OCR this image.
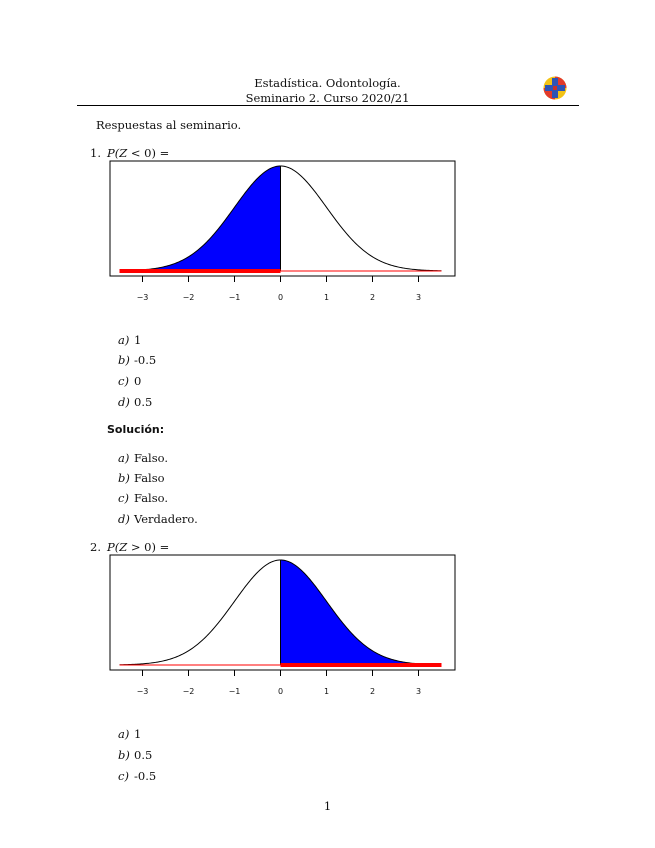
Estadística. Odontología.
Seminario 2. Curso 2020/21
Respuestas al seminario.
1. P(Z < 0) =
−3	−2	−1	0	1	2	3
a) 1
b) -0.5
c) 0
d) 0.5
Solución:
a) Falso.
b) Falso
c) Falso.
d) Verdadero.
2. P(Z > 0) =
−3	−2	−1	0	1	2	3
a) 1
b) 0.5
c) -0.5
1
